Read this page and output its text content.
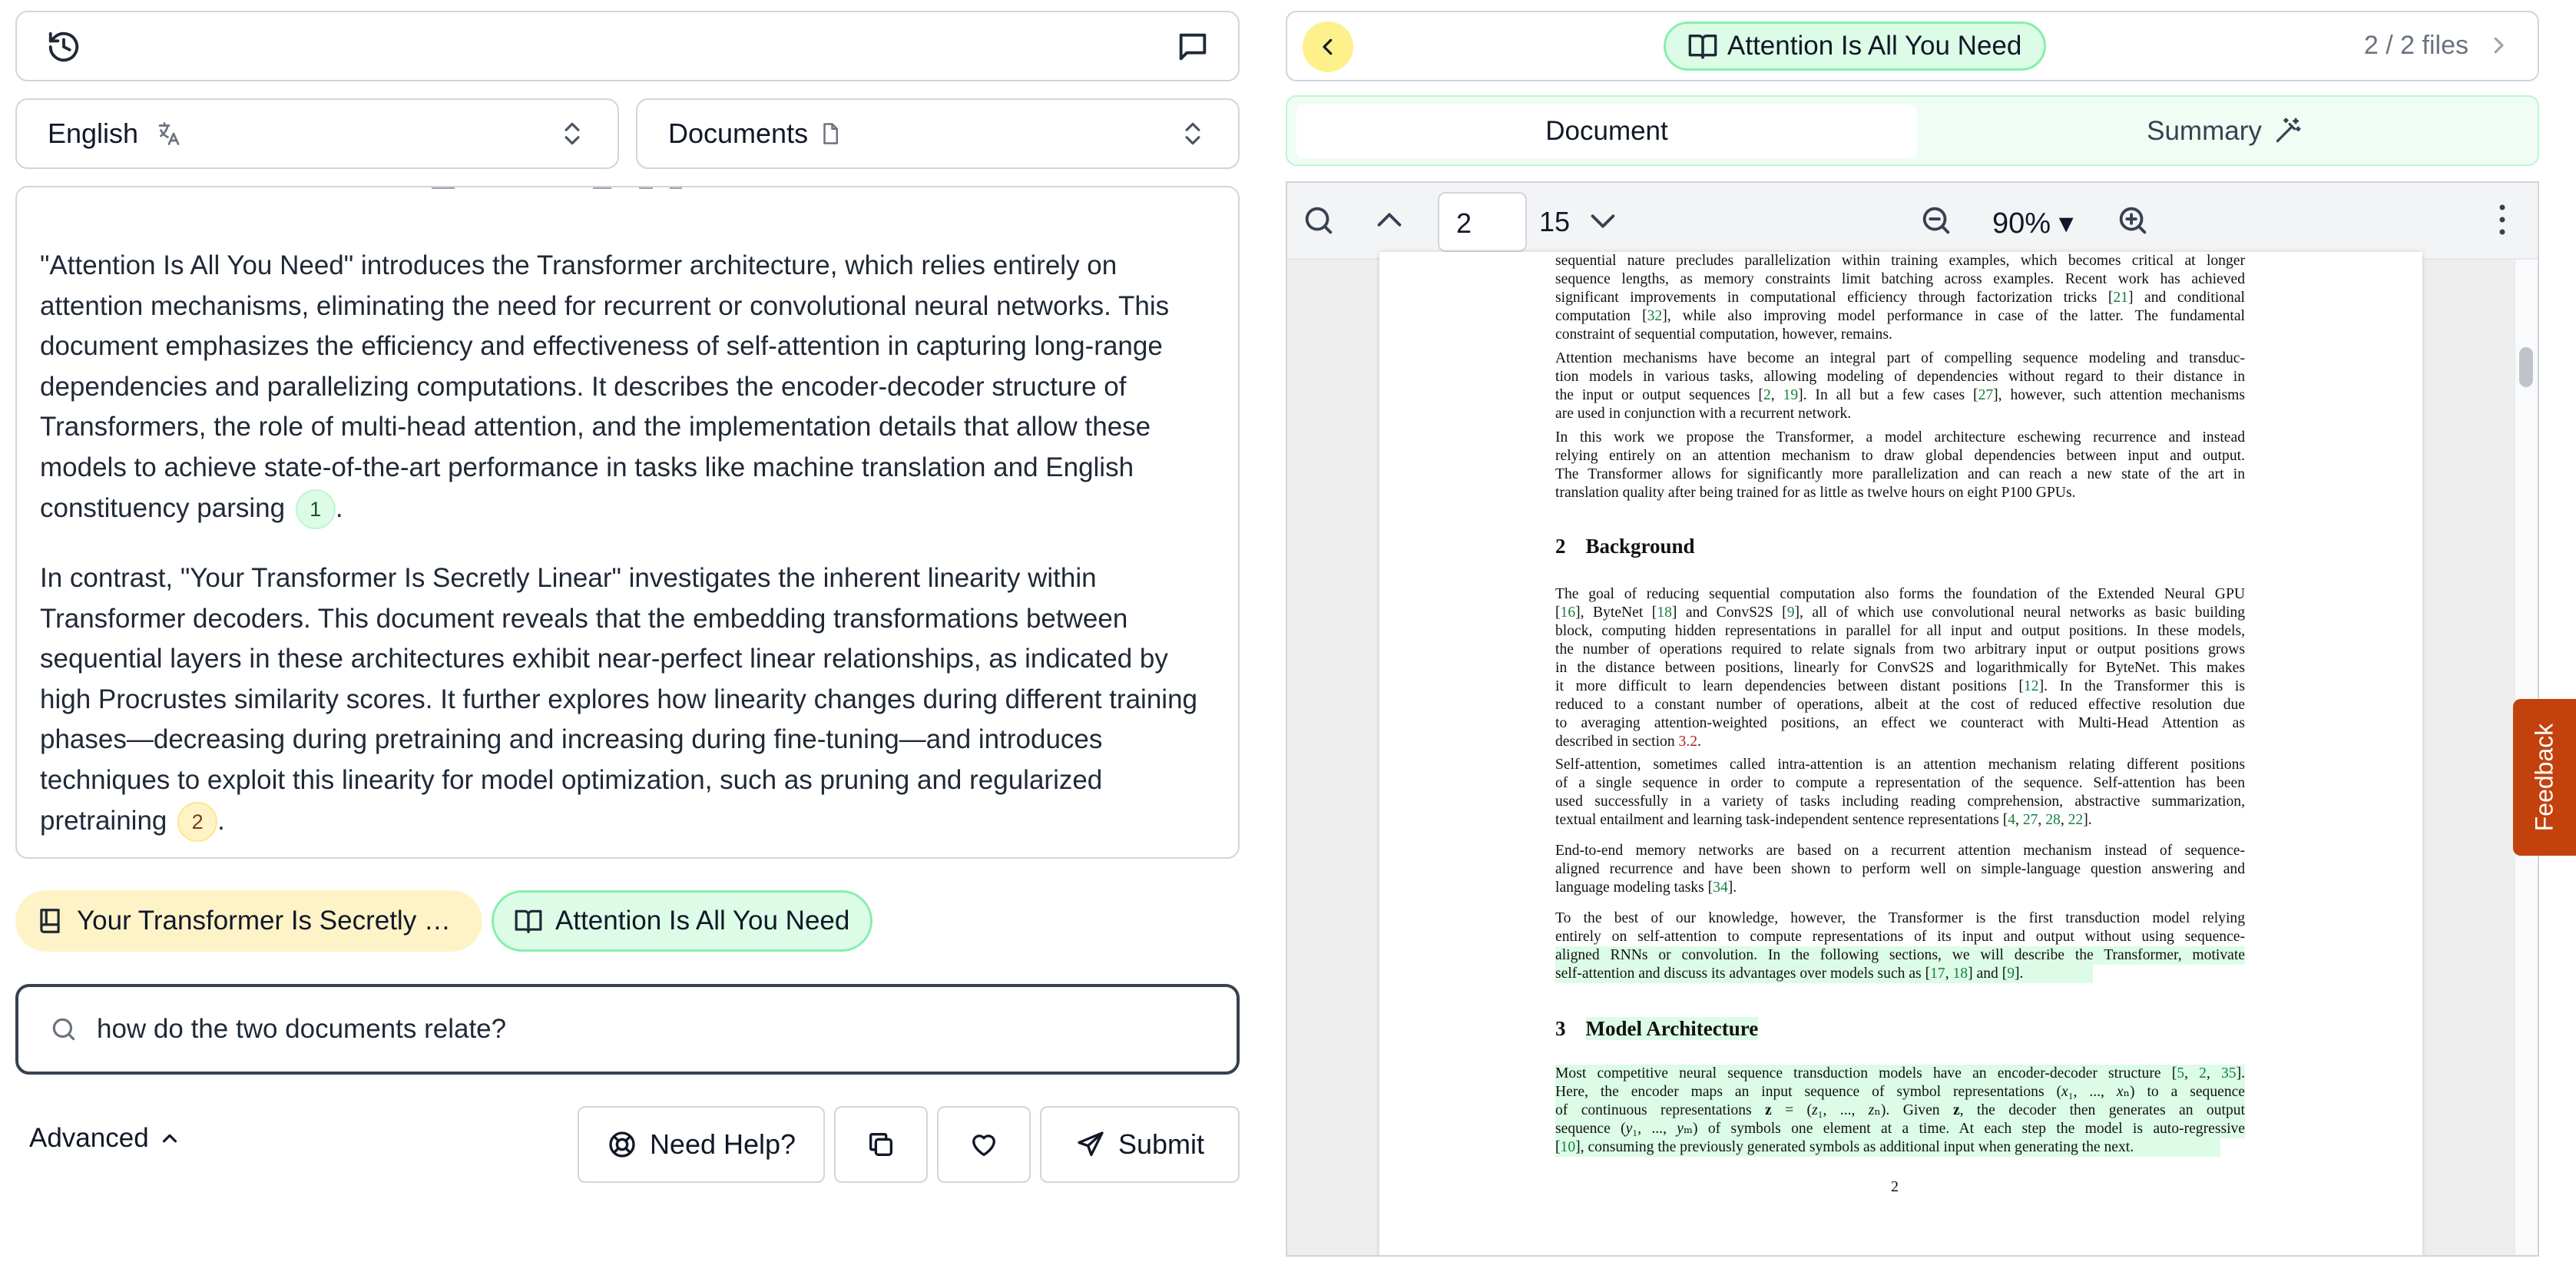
English	Documents

"Attention Is All You Need" introduces the Transformer architecture, which relies entirely on attention mechanisms, eliminating the need for recurrent or convolutional neural networks. This document emphasizes the efficiency and effectiveness of self-attention in capturing long-range dependencies and parallelizing computations. It describes the encoder-decoder structure of Transformers, the role of multi-head attention, and the implementation details that allow these models to achieve state-of-the-art performance in tasks like machine translation and English constituency parsing 1 .

In contrast, "Your Transformer Is Secretly Linear" investigates the inherent linearity within Transformer decoders. This document reveals that the embedding transformations between sequential layers in these architectures exhibit near-perfect linear relationships, as indicated by high Procrustes similarity scores. It further explores how linearity changes during different training phases—decreasing during pretraining and increasing during fine-tuning—and introduces techniques to exploit this linearity for model optimization, such as pruning and regularized pretraining 2 .

Your Transformer Is Secretly …	Attention Is All You Need
how do the two documents relate?
Advanced	Need Help?	Submit
Attention Is All You Need	2 / 2 files
Document	Summary
2	15	90% ▾
sequential nature precludes parallelization within training examples, which becomes critical at longer
sequence lengths, as memory constraints limit batching across examples. Recent work has achieved
significant improvements in computational efficiency through factorization tricks [21] and conditional
computation [32], while also improving model performance in case of the latter. The fundamental
constraint of sequential computation, however, remains.
Attention mechanisms have become an integral part of compelling sequence modeling and transduc-
tion models in various tasks, allowing modeling of dependencies without regard to their distance in
the input or output sequences [2, 19]. In all but a few cases [27], however, such attention mechanisms
are used in conjunction with a recurrent network.
In this work we propose the Transformer, a model architecture eschewing recurrence and instead
relying entirely on an attention mechanism to draw global dependencies between input and output.
The Transformer allows for significantly more parallelization and can reach a new state of the art in
translation quality after being trained for as little as twelve hours on eight P100 GPUs.
2 Background
The goal of reducing sequential computation also forms the foundation of the Extended Neural GPU
[16], ByteNet [18] and ConvS2S [9], all of which use convolutional neural networks as basic building
block, computing hidden representations in parallel for all input and output positions. In these models,
the number of operations required to relate signals from two arbitrary input or output positions grows
in the distance between positions, linearly for ConvS2S and logarithmically for ByteNet. This makes
it more difficult to learn dependencies between distant positions [12]. In the Transformer this is
reduced to a constant number of operations, albeit at the cost of reduced effective resolution due
to averaging attention-weighted positions, an effect we counteract with Multi-Head Attention as
described in section 3.2.
Self-attention, sometimes called intra-attention is an attention mechanism relating different positions
of a single sequence in order to compute a representation of the sequence. Self-attention has been
used successfully in a variety of tasks including reading comprehension, abstractive summarization,
textual entailment and learning task-independent sentence representations [4, 27, 28, 22].
End-to-end memory networks are based on a recurrent attention mechanism instead of sequence-
aligned recurrence and have been shown to perform well on simple-language question answering and
language modeling tasks [34].
To the best of our knowledge, however, the Transformer is the first transduction model relying
entirely on self-attention to compute representations of its input and output without using sequence-
aligned RNNs or convolution. In the following sections, we will describe the Transformer, motivate
self-attention and discuss its advantages over models such as [17, 18] and [9].
3 Model Architecture
Most competitive neural sequence transduction models have an encoder-decoder structure [5, 2, 35].
Here, the encoder maps an input sequence of symbol representations (x₁, ..., xₙ) to a sequence
of continuous representations z = (z₁, ..., zₙ). Given z, the decoder then generates an output
sequence (y₁, ..., yₘ) of symbols one element at a time. At each step the model is auto-regressive
[10], consuming the previously generated symbols as additional input when generating the next.
2
Feedback
